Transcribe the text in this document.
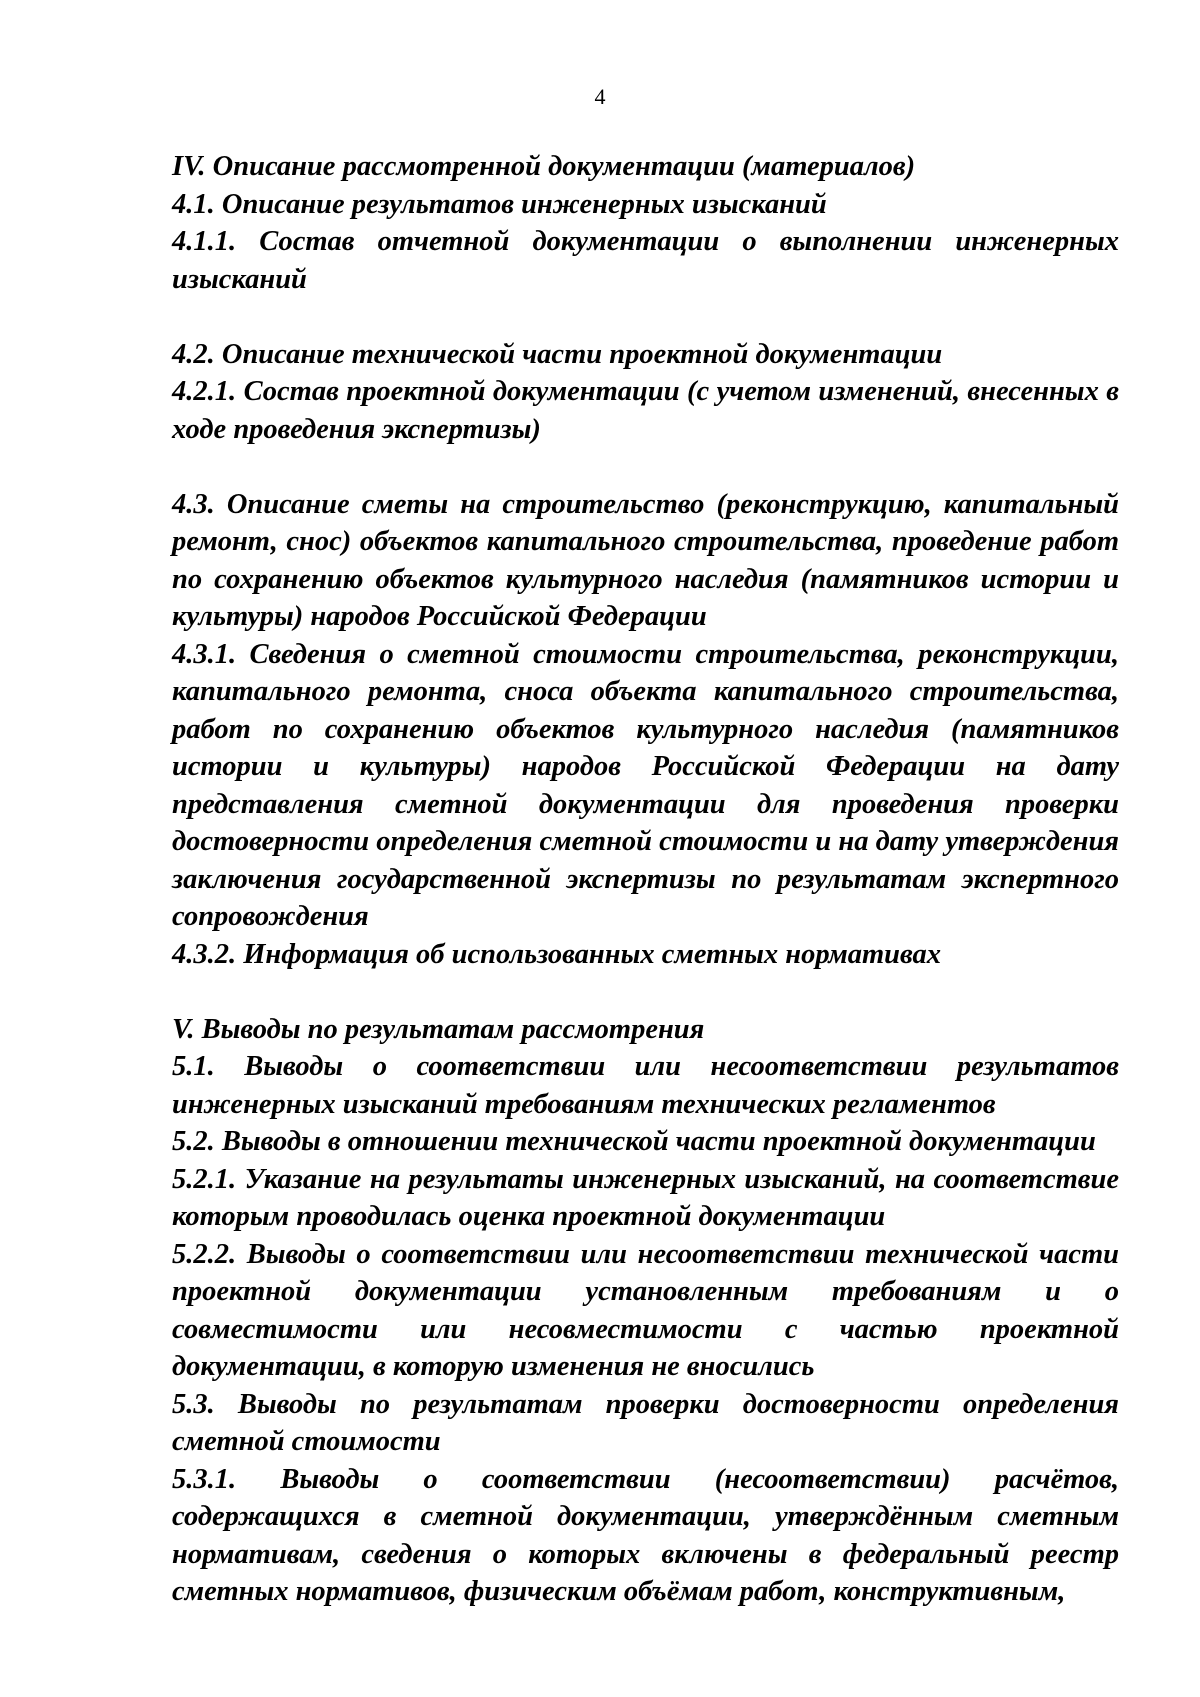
4

IV. Описание рассмотренной документации (материалов)

4.1. Описание результатов инженерных изысканий

4.1.1. Состав отчетной документации о выполнении инженерных изысканий

4.2. Описание технической части проектной документации

4.2.1. Состав проектной документации (с учетом изменений, внесенных в ходе проведения экспертизы)

4.3. Описание сметы на строительство (реконструкцию, капитальный ремонт, снос) объектов капитального строительства, проведение работ по сохранению объектов культурного наследия (памятников истории и культуры) народов Российской Федерации

4.3.1. Сведения о сметной стоимости строительства, реконструкции, капитального ремонта, сноса объекта капитального строительства, работ по сохранению объектов культурного наследия (памятников истории и культуры) народов Российской Федерации на дату представления сметной документации для проведения проверки достоверности определения сметной стоимости и на дату утверждения заключения государственной экспертизы по результатам экспертного сопровождения

4.3.2. Информация об использованных сметных нормативах

V. Выводы по результатам рассмотрения

5.1. Выводы о соответствии или несоответствии результатов инженерных изысканий требованиям технических регламентов

5.2. Выводы в отношении технической части проектной документации

5.2.1. Указание на результаты инженерных изысканий, на соответствие которым проводилась оценка проектной документации

5.2.2. Выводы о соответствии или несоответствии технической части проектной документации установленным требованиям и о совместимости или несовместимости с частью проектной документации, в которую изменения не вносились

5.3. Выводы по результатам проверки достоверности определения сметной стоимости

5.3.1. Выводы о соответствии (несоответствии) расчётов, содержащихся в сметной документации, утверждённым сметным нормативам, сведения о которых включены в федеральный реестр сметных нормативов, физическим объёмам работ, конструктивным,
